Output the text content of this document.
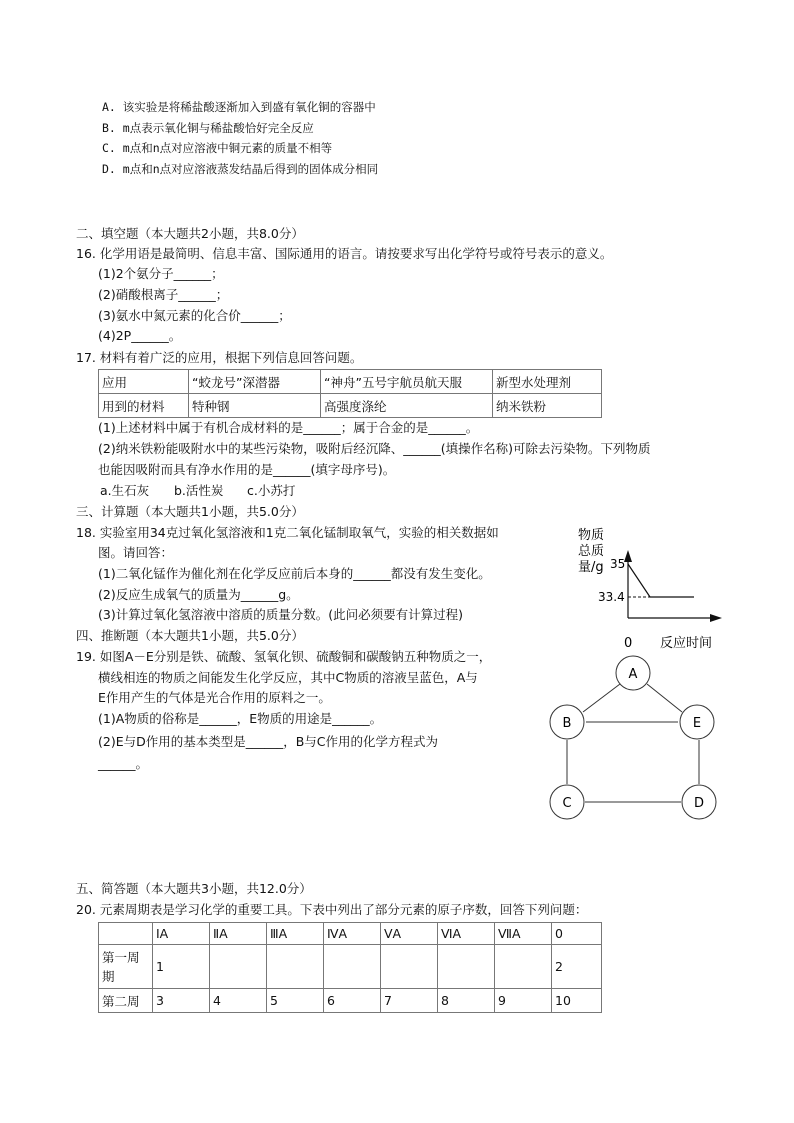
A. 该实验是将稀盐酸逐渐加入到盛有氧化铜的容器中
B. m点表示氧化铜与稀盐酸恰好完全反应
C. m点和n点对应溶液中铜元素的质量不相等
D. m点和n点对应溶液蒸发结晶后得到的固体成分相同
二、填空题（本大题共2小题，共8.0分）
16. 化学用语是最简明、信息丰富、国际通用的语言。请按要求写出化学符号或符号表示的意义。
(1)2个氨分子______；
(2)硝酸根离子______；
(3)氨水中氮元素的化合价______；
(4)2P______。
17. 材料有着广泛的应用，根据下列信息回答问题。
应用	“蛟龙号”深潜器	“神舟”五号宇航员航天服	新型水处理剂
用到的材料	特种钢	高强度涤纶	纳米铁粉
(1)上述材料中属于有机合成材料的是______；属于合金的是______。
(2)纳米铁粉能吸附水中的某些污染物，吸附后经沉降、______(填操作名称)可除去污染物。下列物质
也能因吸附而具有净水作用的是______(填字母序号)。
a.生石灰 b.活性炭 c.小苏打
三、计算题（本大题共1小题，共5.0分）
18. 实验室用34克过氧化氢溶液和1克二氧化锰制取氧气，实验的相关数据如
图。请回答：
(1)二氧化锰作为催化剂在化学反应前后本身的______都没有发生变化。
(2)反应生成氧气的质量为______g。
(3)计算过氧化氢溶液中溶质的质量分数。(此问必须要有计算过程)
物质
总质
量/g 35
33.4
0 反应时间
四、推断题（本大题共1小题，共5.0分）
19. 如图A－E分别是铁、硫酸、氢氧化钡、硫酸铜和碳酸钠五种物质之一，
横线相连的物质之间能发生化学反应，其中C物质的溶液呈蓝色，A与
E作用产生的气体是光合作用的原料之一。
(1)A物质的俗称是______，E物质的用途是______。
(2)E与D作用的基本类型是______，B与C作用的化学方程式为
______。
A
B
C	D
E
五、简答题（本大题共3小题，共12.0分）
20. 元素周期表是学习化学的重要工具。下表中列出了部分元素的原子序数，回答下列问题：
	ⅠA	ⅡA	ⅢA	ⅣA	ⅤA	ⅥA	ⅦA	0
第一周期	1							2
第二周	3	4	5	6	7	8	9	10
